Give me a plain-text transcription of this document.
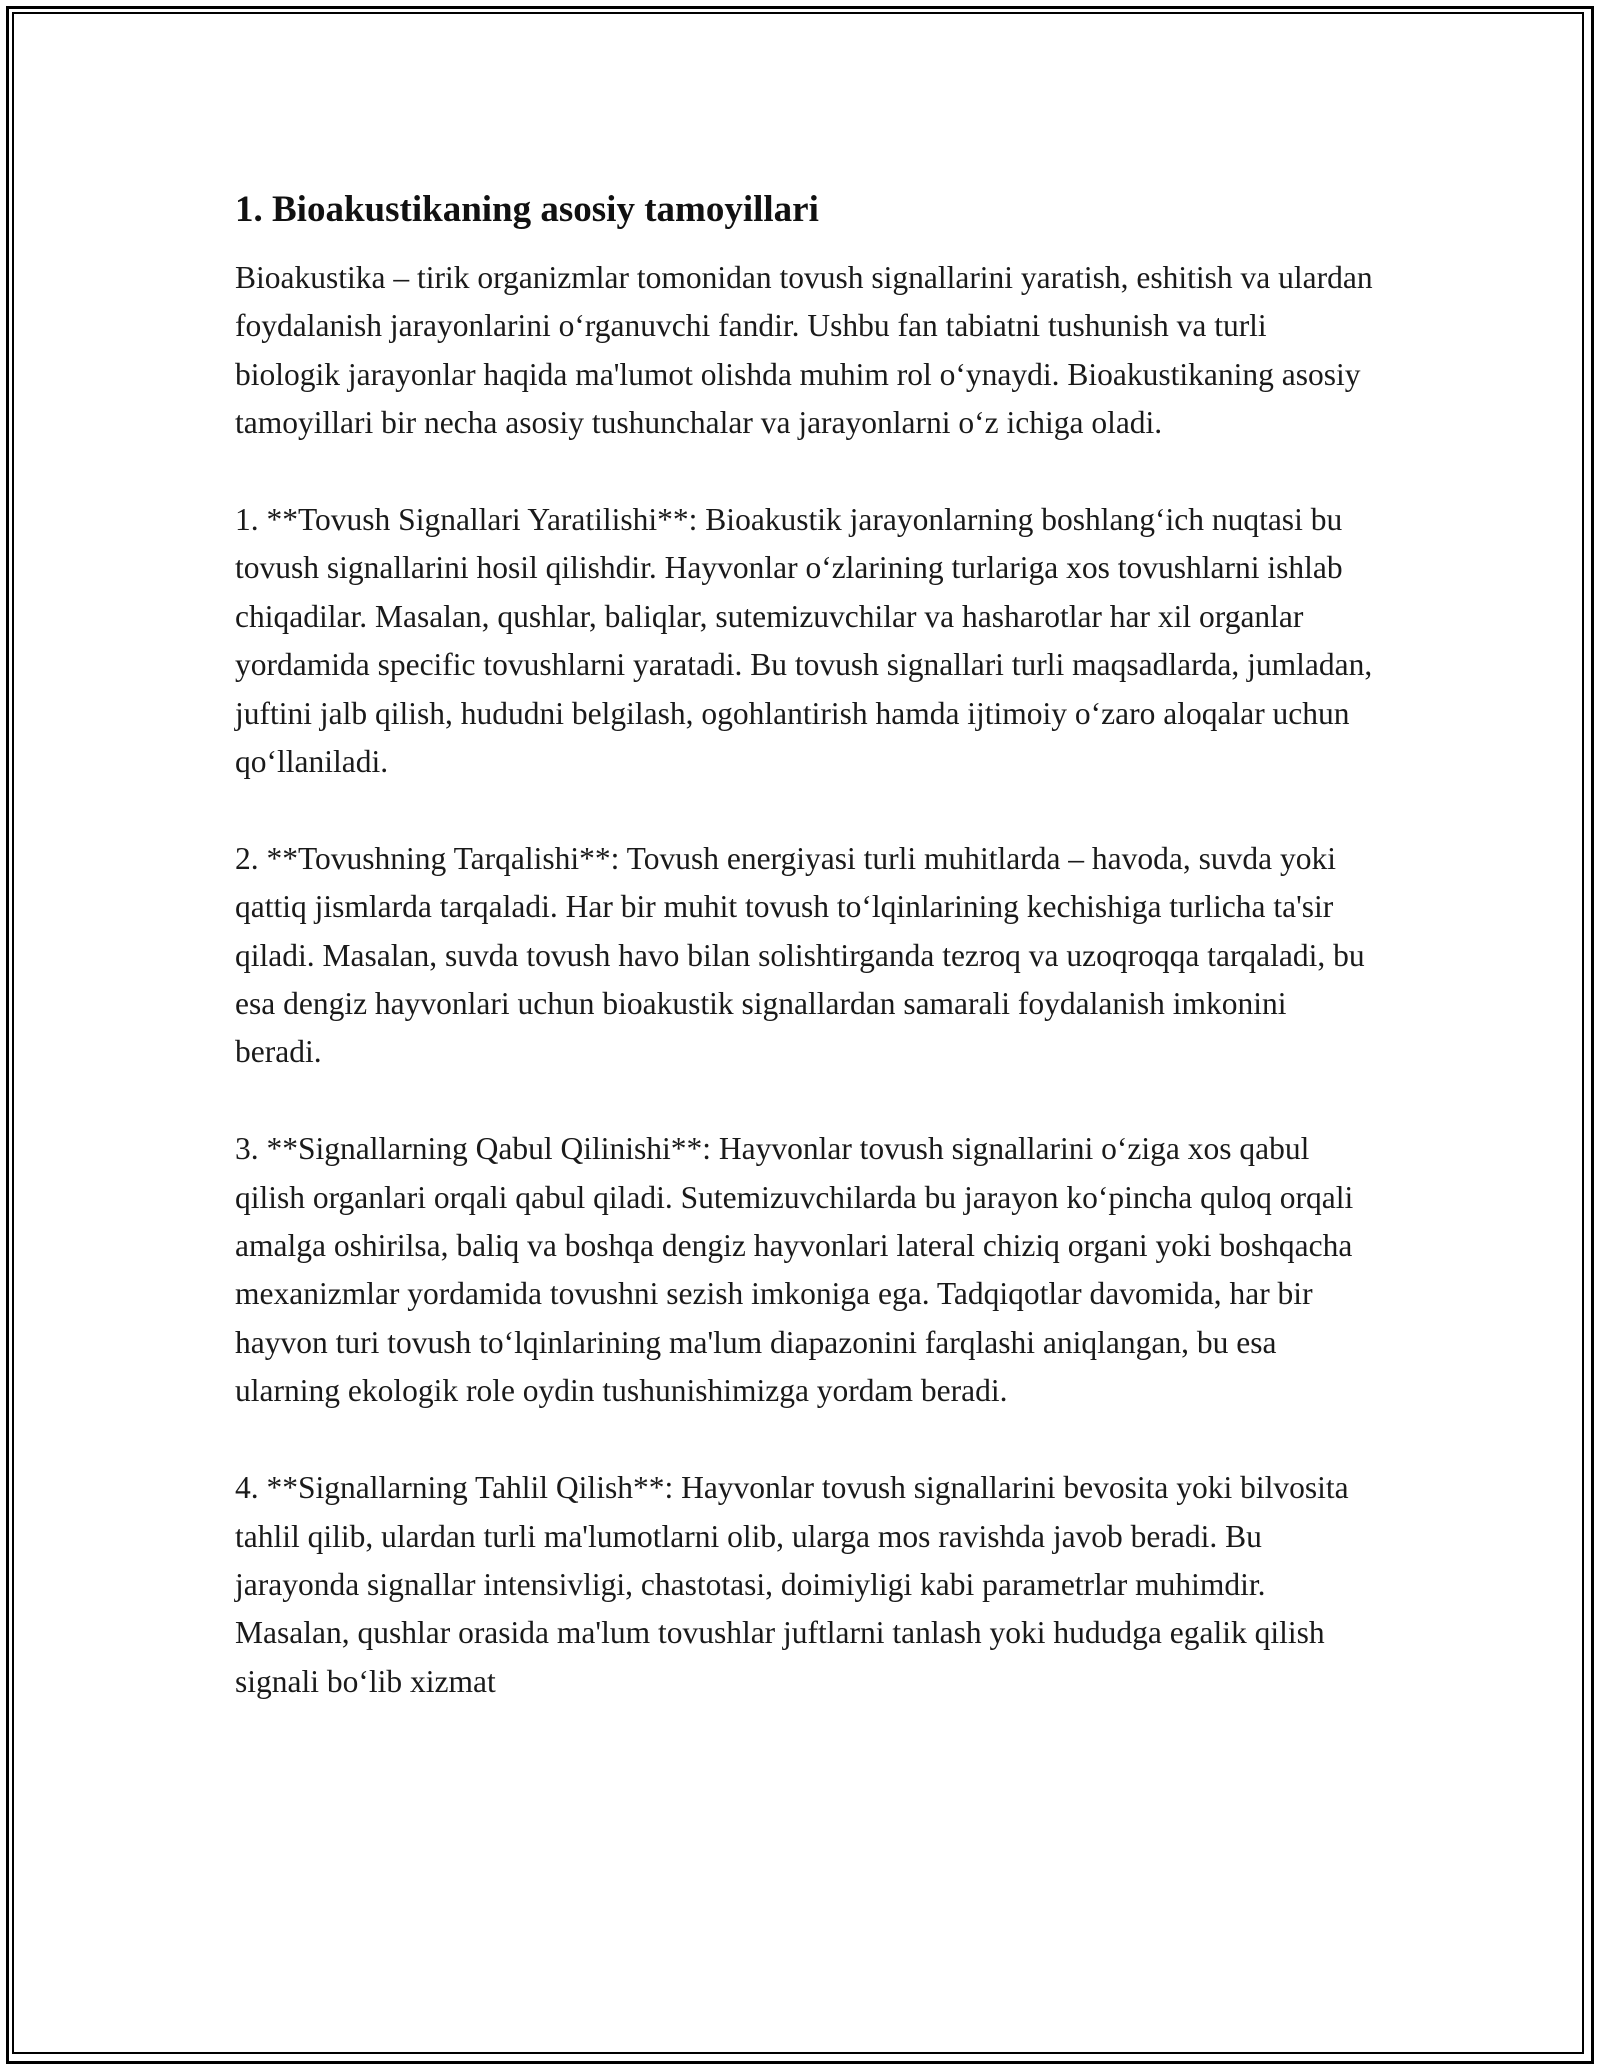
1. Bioakustikaning asosiy tamoyillari

Bioakustika – tirik organizmlar tomonidan tovush signallarini yaratish, eshitish va ulardan foydalanish jarayonlarini oʻrganuvchi fandir. Ushbu fan tabiatni tushunish va turli biologik jarayonlar haqida ma'lumot olishda muhim rol oʻynaydi. Bioakustikaning asosiy tamoyillari bir necha asosiy tushunchalar va jarayonlarni oʻz ichiga oladi.

1. **Tovush Signallari Yaratilishi**: Bioakustik jarayonlarning boshlangʻich nuqtasi bu tovush signallarini hosil qilishdir. Hayvonlar oʻzlarining turlariga xos tovushlarni ishlab chiqadilar. Masalan, qushlar, baliqlar, sutemizuvchilar va hasharotlar har xil organlar yordamida specific tovushlarni yaratadi. Bu tovush signallari turli maqsadlarda, jumladan, juftini jalb qilish, hududni belgilash, ogohlantirish hamda ijtimoiy oʻzaro aloqalar uchun qoʻllaniladi.

2. **Tovushning Tarqalishi**: Tovush energiyasi turli muhitlarda – havoda, suvda yoki qattiq jismlarda tarqaladi. Har bir muhit tovush toʻlqinlarining kechishiga turlicha ta'sir qiladi. Masalan, suvda tovush havo bilan solishtirganda tezroq va uzoqroqqa tarqaladi, bu esa dengiz hayvonlari uchun bioakustik signallardan samarali foydalanish imkonini beradi.

3. **Signallarning Qabul Qilinishi**: Hayvonlar tovush signallarini oʻziga xos qabul qilish organlari orqali qabul qiladi. Sutemizuvchilarda bu jarayon koʻpincha quloq orqali amalga oshirilsa, baliq va boshqa dengiz hayvonlari lateral chiziq organi yoki boshqacha mexanizmlar yordamida tovushni sezish imkoniga ega. Tadqiqotlar davomida, har bir hayvon turi tovush toʻlqinlarining ma'lum diapazonini farqlashi aniqlangan, bu esa ularning ekologik role oydin tushunishimizga yordam beradi.

4. **Signallarning Tahlil Qilish**: Hayvonlar tovush signallarini bevosita yoki bilvosita tahlil qilib, ulardan turli ma'lumotlarni olib, ularga mos ravishda javob beradi. Bu jarayonda signallar intensivligi, chastotasi, doimiyligi kabi parametrlar muhimdir. Masalan, qushlar orasida ma'lum tovushlar juftlarni tanlash yoki hududga egalik qilish signali boʻlib xizmat
